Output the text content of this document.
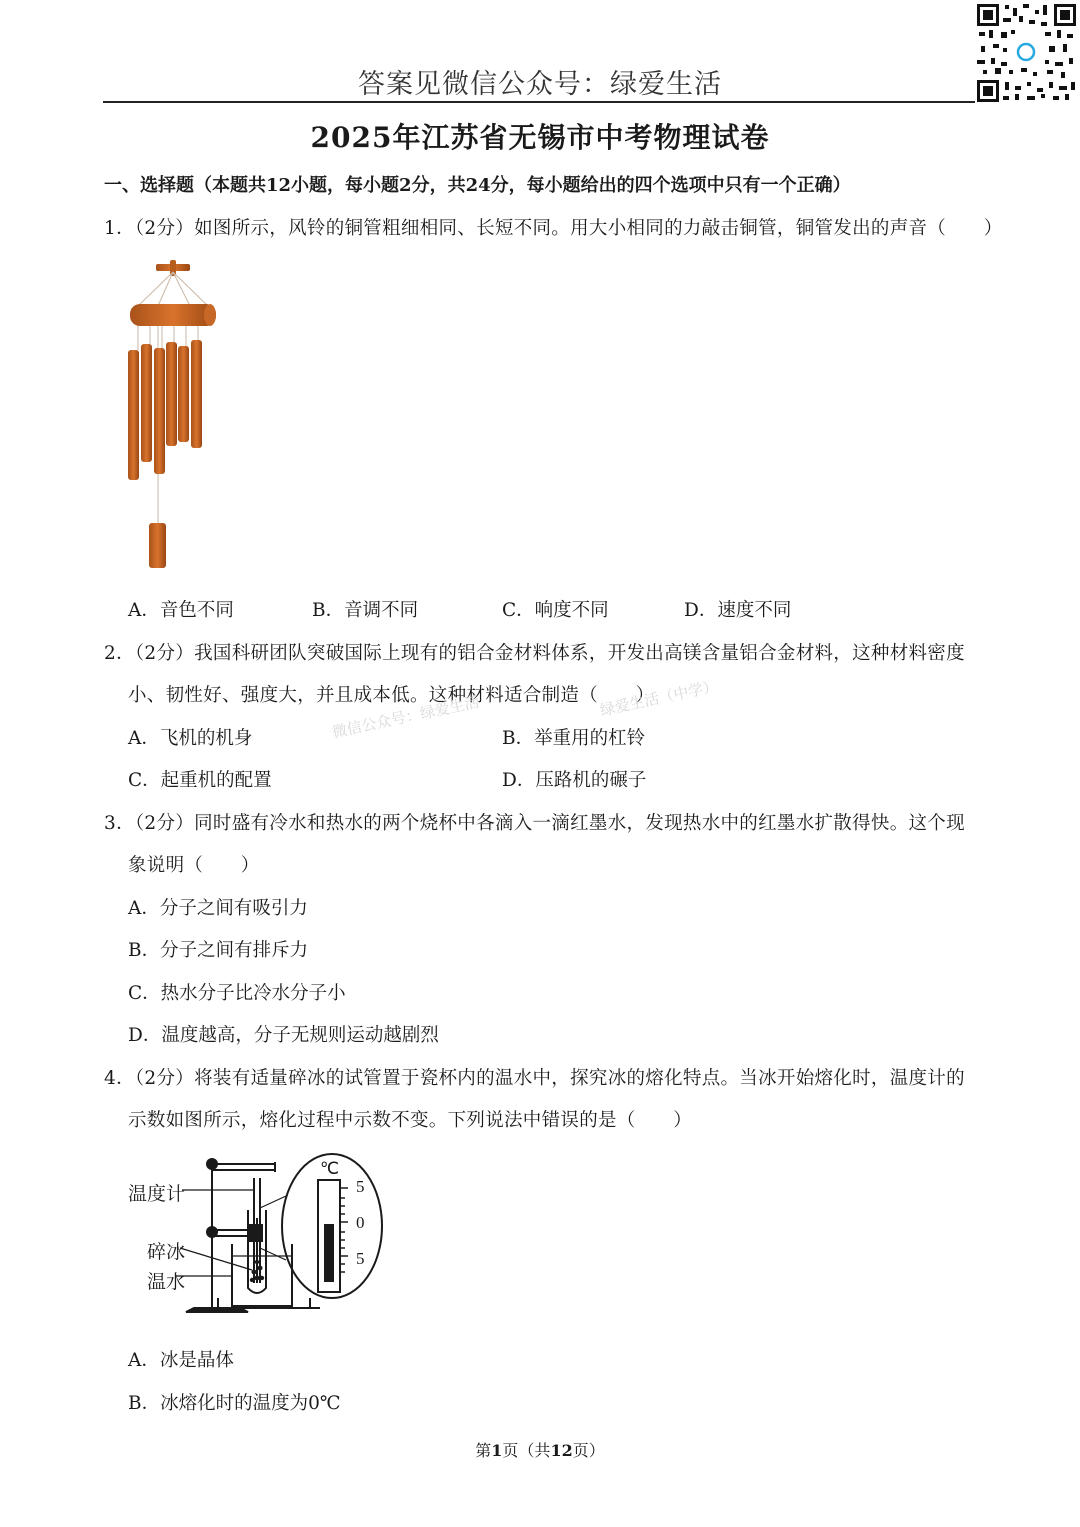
答案见微信公众号：绿爱生活
2025年江苏省无锡市中考物理试卷
一、选择题（本题共12小题，每小题2分，共24分，每小题给出的四个选项中只有一个正确）
1．（2分）如图所示，风铃的铜管粗细相同、长短不同。用大小相同的力敲击铜管，铜管发出的声音（　　）
A．音色不同	B．音调不同	C．响度不同	D．速度不同
2．（2分）我国科研团队突破国际上现有的铝合金材料体系，开发出高镁含量铝合金材料，这种材料密度
小、韧性好、强度大，并且成本低。这种材料适合制造（　　）
A．飞机的机身	B．举重用的杠铃
C．起重机的配置	D．压路机的碾子
微信公众号：绿爱生活	绿爱生活（中学）
3．（2分）同时盛有冷水和热水的两个烧杯中各滴入一滴红墨水，发现热水中的红墨水扩散得快。这个现
象说明（　　）
A．分子之间有吸引力
B．分子之间有排斥力
C．热水分子比冷水分子小
D．温度越高，分子无规则运动越剧烈
4．（2分）将装有适量碎冰的试管置于瓷杯内的温水中，探究冰的熔化特点。当冰开始熔化时，温度计的
示数如图所示，熔化过程中示数不变。下列说法中错误的是（　　）
℃
5
0
5
温度计
碎冰
温水
A．冰是晶体
B．冰熔化时的温度为0℃
第1页（共12页）
